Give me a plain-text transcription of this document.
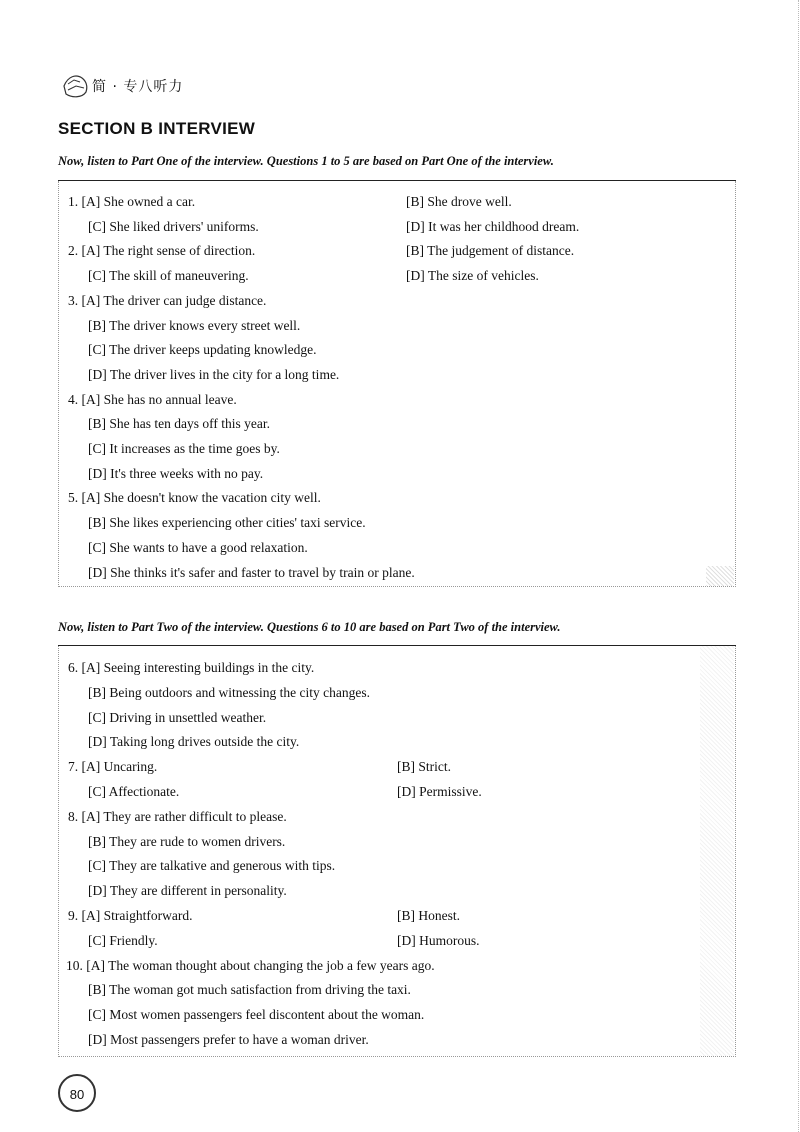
简 · 专八听力
SECTION B INTERVIEW
Now, listen to Part One of the interview. Questions 1 to 5 are based on Part One of the interview.
1. [A] She owned a car.	[B] She drove well.
[C] She liked drivers' uniforms.	[D] It was her childhood dream.
2. [A] The right sense of direction.	[B] The judgement of distance.
[C] The skill of maneuvering.	[D] The size of vehicles.
3. [A] The driver can judge distance.
[B] The driver knows every street well.
[C] The driver keeps updating knowledge.
[D] The driver lives in the city for a long time.
4. [A] She has no annual leave.
[B] She has ten days off this year.
[C] It increases as the time goes by.
[D] It's three weeks with no pay.
5. [A] She doesn't know the vacation city well.
[B] She likes experiencing other cities' taxi service.
[C] She wants to have a good relaxation.
[D] She thinks it's safer and faster to travel by train or plane.
Now, listen to Part Two of the interview. Questions 6 to 10 are based on Part Two of the interview.
6. [A] Seeing interesting buildings in the city.
[B] Being outdoors and witnessing the city changes.
[C] Driving in unsettled weather.
[D] Taking long drives outside the city.
7. [A] Uncaring.	[B] Strict.
[C] Affectionate.	[D] Permissive.
8. [A] They are rather difficult to please.
[B] They are rude to women drivers.
[C] They are talkative and generous with tips.
[D] They are different in personality.
9. [A] Straightforward.	[B] Honest.
[C] Friendly.	[D] Humorous.
10. [A] The woman thought about changing the job a few years ago.
[B] The woman got much satisfaction from driving the taxi.
[C] Most women passengers feel discontent about the woman.
[D] Most passengers prefer to have a woman driver.
80
